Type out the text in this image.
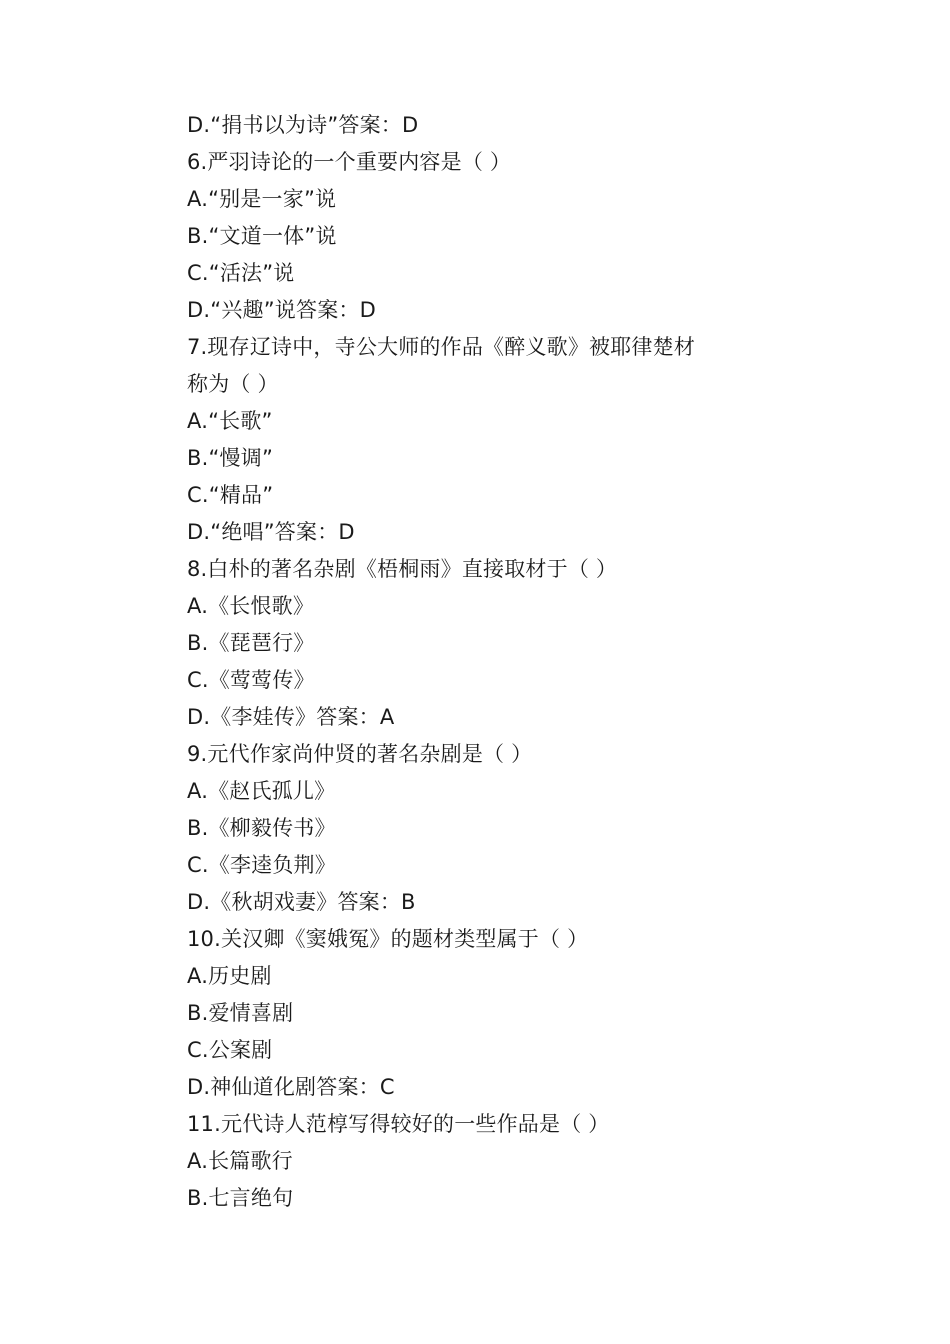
D.“捐书以为诗”答案：D
6.严羽诗论的一个重要内容是（ ）
A.“别是一家”说
B.“文道一体”说
C.“活法”说
D.“兴趣”说答案：D
7.现存辽诗中，寺公大师的作品《醉义歌》被耶律楚材
称为（ ）
A.“长歌”
B.“慢调”
C.“精品”
D.“绝唱”答案：D
8.白朴的著名杂剧《梧桐雨》直接取材于（ ）
A.《长恨歌》
B.《琵琶行》
C.《莺莺传》
D.《李娃传》答案：A
9.元代作家尚仲贤的著名杂剧是（ ）
A.《赵氏孤儿》
B.《柳毅传书》
C.《李逵负荆》
D.《秋胡戏妻》答案：B
10.关汉卿《窦娥冤》的题材类型属于（ ）
A.历史剧
B.爱情喜剧
C.公案剧
D.神仙道化剧答案：C
11.元代诗人范椁写得较好的一些作品是（ ）
A.长篇歌行
B.七言绝句
